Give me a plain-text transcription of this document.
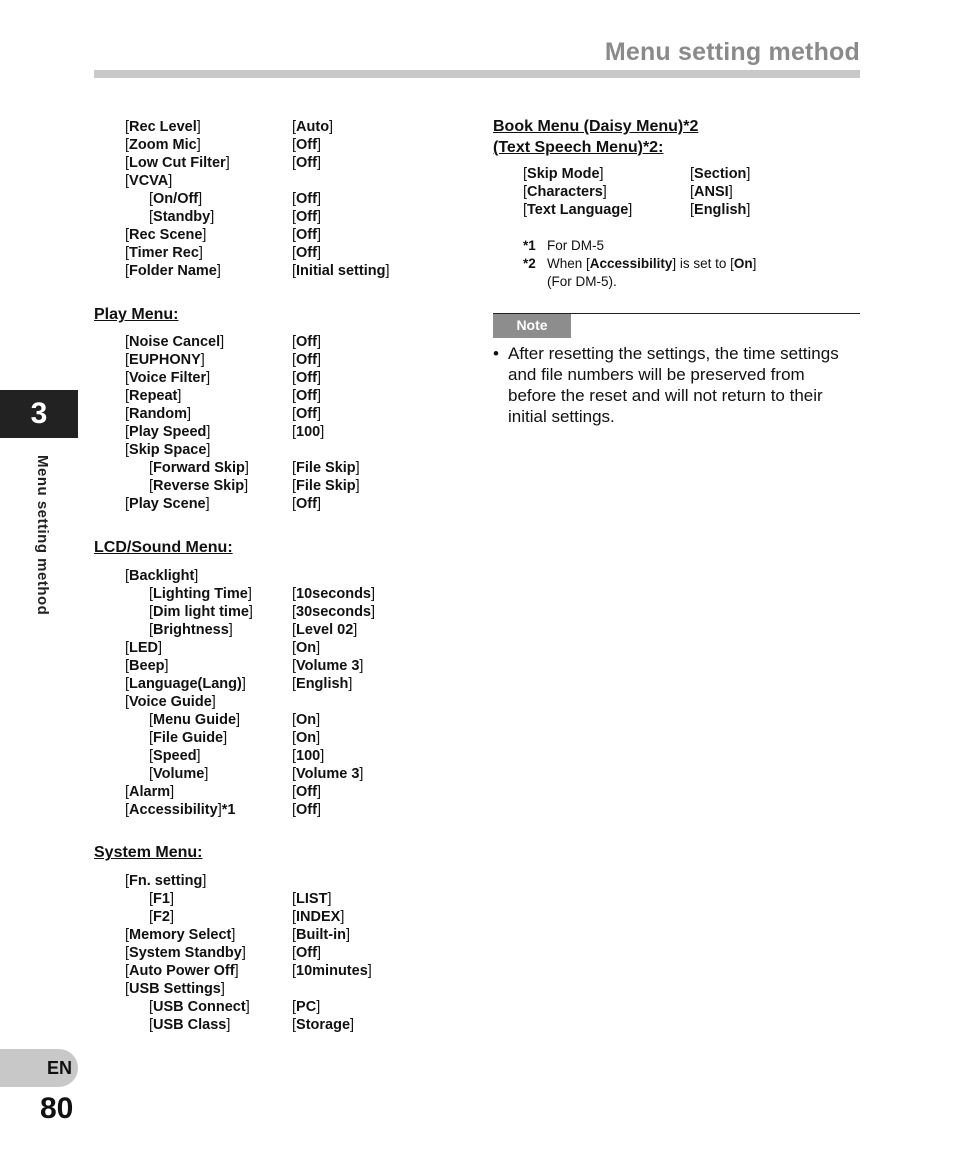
Menu setting method
3
Menu setting method
EN
80
[Rec Level]	[Auto]
[Zoom Mic]	[Off]
[Low Cut Filter]	[Off]
[VCVA]
[On/Off]	[Off]
[Standby]	[Off]
[Rec Scene]	[Off]
[Timer Rec]	[Off]
[Folder Name]	[Initial setting]
[Noise Cancel]	[Off]
[EUPHONY]	[Off]
[Voice Filter]	[Off]
[Repeat]	[Off]
[Random]	[Off]
[Play Speed]	[100]
[Skip Space]
[Forward Skip]	[File Skip]
[Reverse Skip]	[File Skip]
[Play Scene]	[Off]
[Backlight]
[Lighting Time]	[10seconds]
[Dim light time]	[30seconds]
[Brightness]	[Level 02]
[LED]	[On]
[Beep]	[Volume 3]
[Language(Lang)]	[English]
[Voice Guide]
[Menu Guide]	[On]
[File Guide]	[On]
[Speed]	[100]
[Volume]	[Volume 3]
[Alarm]	[Off]
[Accessibility]*1	[Off]
[Fn. setting]
[F1]	[LIST]
[F2]	[INDEX]
[Memory Select]	[Built-in]
[System Standby]	[Off]
[Auto Power Off]	[10minutes]
[USB Settings]
[USB Connect]	[PC]
[USB Class]	[Storage]
Play Menu:
LCD/Sound Menu:
System Menu:
Book Menu (Daisy Menu)*2
(Text Speech Menu)*2:
[Skip Mode]	[Section]
[Characters]	[ANSI]
[Text Language]	[English]
*1 For DM-5
*2 When [Accessibility] is set to [On]
(For DM-5).
Note
• After resetting the settings, the time settings and file numbers will be preserved from before the reset and will not return to their initial settings.
